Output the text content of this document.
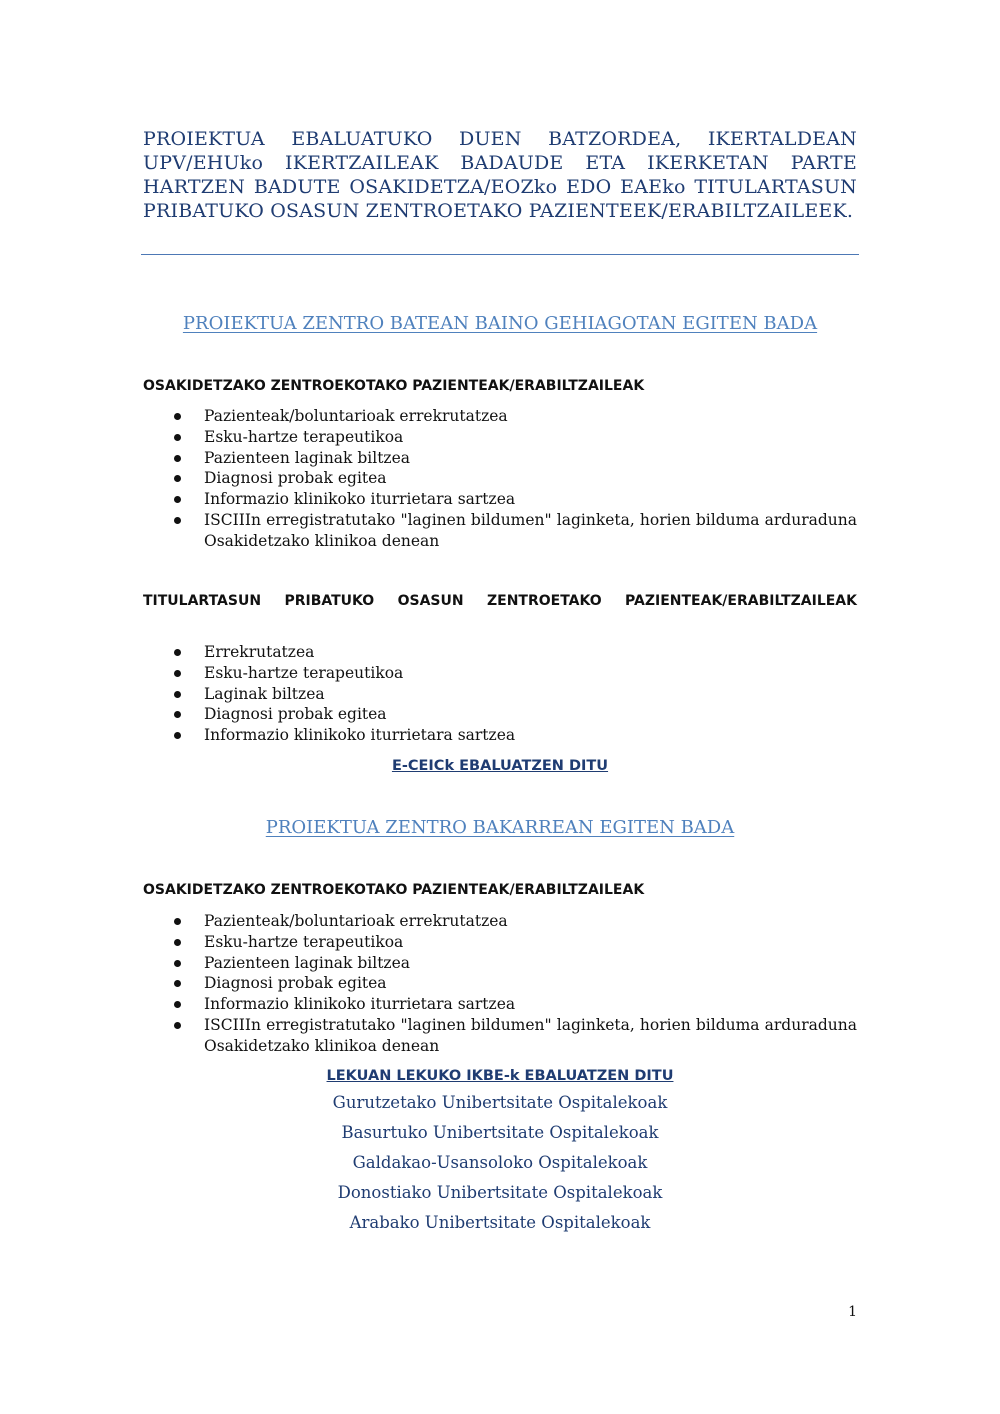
PROIEKTUA EBALUATUKO DUEN BATZORDEA, IKERTALDEAN UPV/EHUko IKERTZAILEAK BADAUDE ETA IKERKETAN PARTE HARTZEN BADUTE OSAKIDETZA/EOZko EDO EAEko TITULARTASUN PRIBATUKO OSASUN ZENTROETAKO PAZIENTEEK/ERABILTZAILEEK.

PROIEKTUA ZENTRO BATEAN BAINO GEHIAGOTAN EGITEN BADA
OSAKIDETZAKO ZENTROEKOTAKO PAZIENTEAK/ERABILTZAILEAK
Pazienteak/boluntarioak errekrutatzea
Esku-hartze terapeutikoa
Pazienteen laginak biltzea
Diagnosi probak egitea
Informazio klinikoko iturrietara sartzea
ISCIIIn erregistratutako "laginen bildumen" laginketa, horien bilduma arduraduna Osakidetzako klinikoa denean
TITULARTASUN PRIBATUKO OSASUN ZENTROETAKO PAZIENTEAK/ERABILTZAILEAK
Errekrutatzea
Esku-hartze terapeutikoa
Laginak biltzea
Diagnosi probak egitea
Informazio klinikoko iturrietara sartzea

E-CEICk EBALUATZEN DITU

PROIEKTUA ZENTRO BAKARREAN EGITEN BADA
OSAKIDETZAKO ZENTROEKOTAKO PAZIENTEAK/ERABILTZAILEAK
Pazienteak/boluntarioak errekrutatzea
Esku-hartze terapeutikoa
Pazienteen laginak biltzea
Diagnosi probak egitea
Informazio klinikoko iturrietara sartzea
ISCIIIn erregistratutako "laginen bildumen" laginketa, horien bilduma arduraduna Osakidetzako klinikoa denean

LEKUAN LEKUKO IKBE-k EBALUATZEN DITU

Gurutzetako Unibertsitate Ospitalekoak
Basurtuko Unibertsitate Ospitalekoak
Galdakao-Usansoloko Ospitalekoak
Donostiako Unibertsitate Ospitalekoak
Arabako Unibertsitate Ospitalekoak
1
